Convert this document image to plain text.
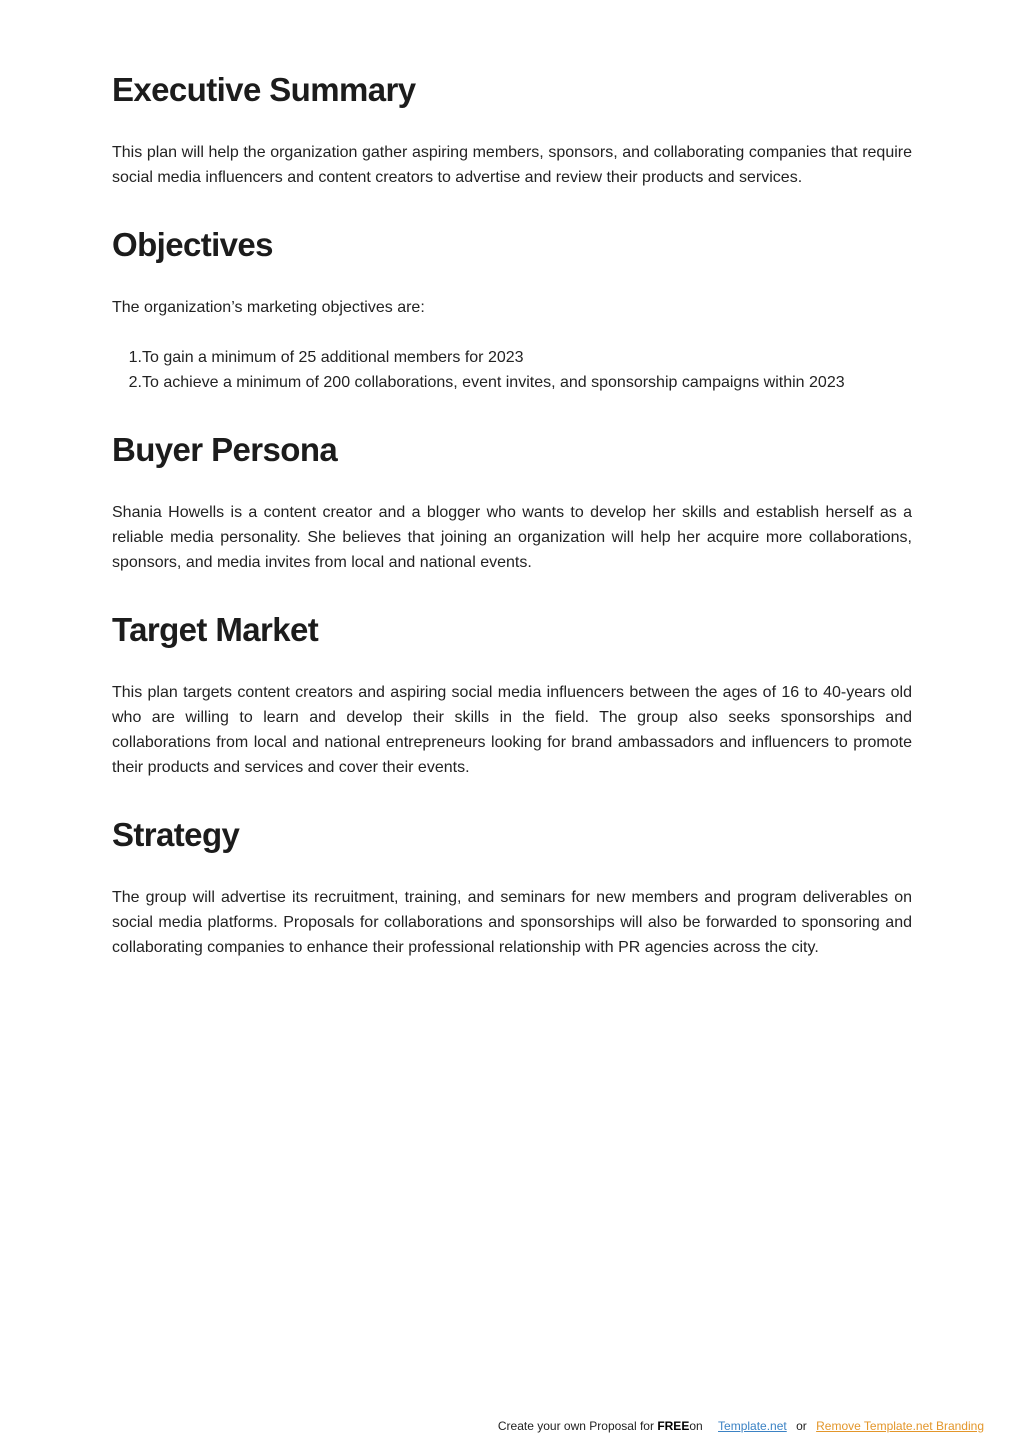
Executive Summary

This plan will help the organization gather aspiring members, sponsors, and collaborating companies that require social media influencers and content creators to advertise and review their products and services.

Objectives

The organization’s marketing objectives are:

1. To gain a minimum of 25 additional members for 2023
2. To achieve a minimum of 200 collaborations, event invites, and sponsorship campaigns within 2023
Buyer Persona

Shania Howells is a content creator and a blogger who wants to develop her skills and establish herself as a reliable media personality. She believes that joining an organization will help her acquire more collaborations, sponsors, and media invites from local and national events.

Target Market

This plan targets content creators and aspiring social media influencers between the ages of 16 to 40-years old who are willing to learn and develop their skills in the field. The group also seeks sponsorships and collaborations from local and national entrepreneurs looking for brand ambassadors and influencers to promote their products and services and cover their events.

Strategy

The group will advertise its recruitment, training, and seminars for new members and program deliverables on social media platforms. Proposals for collaborations and sponsorships will also be forwarded to sponsoring and collaborating companies to enhance their professional relationship with PR agencies across the city.

Create your own Proposal for FREEon Template.net or Remove Template.net Branding
